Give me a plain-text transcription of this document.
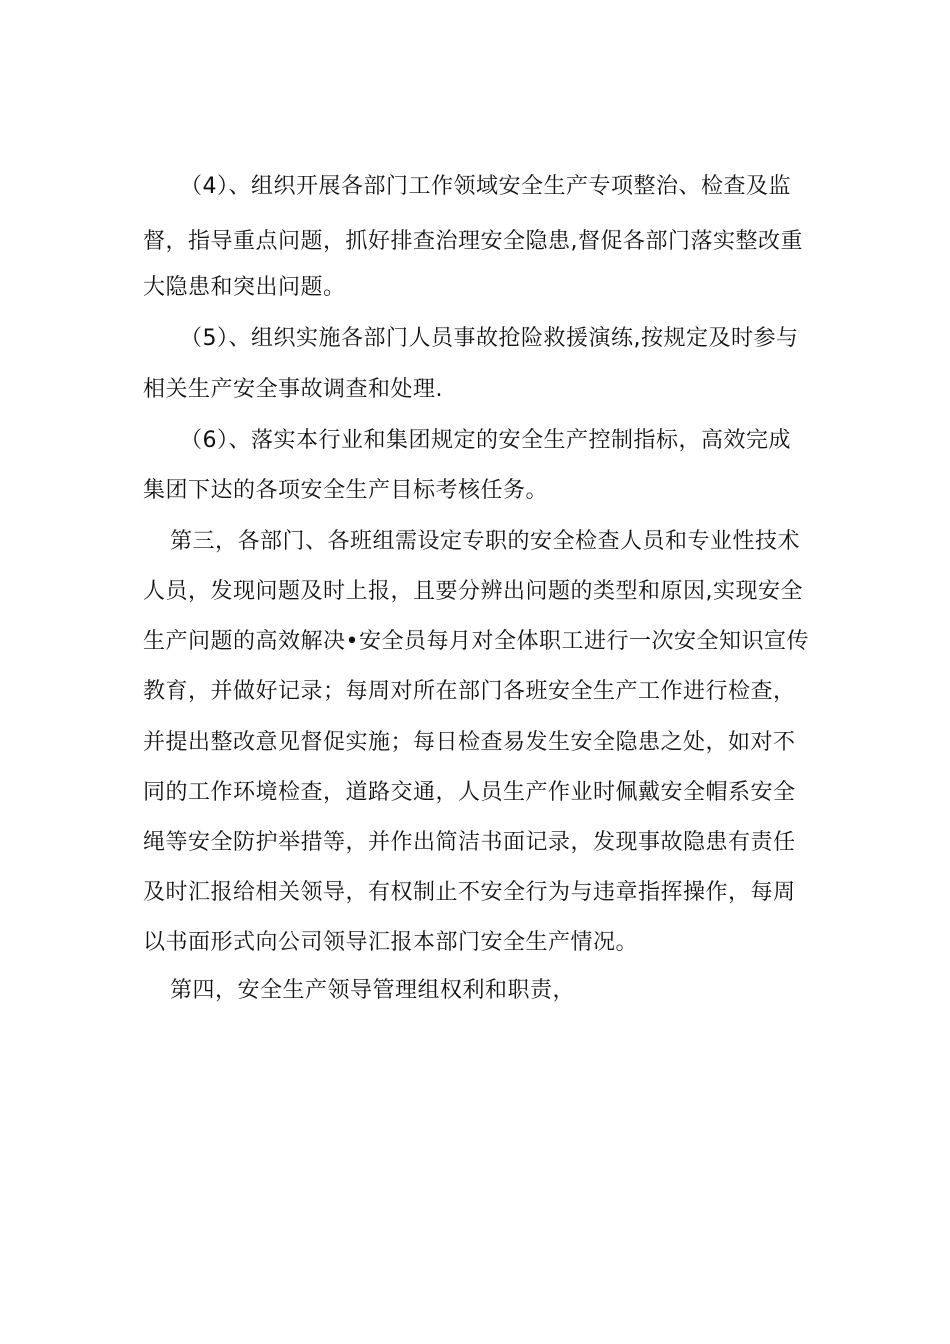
（4）、组织开展各部门工作领域安全生产专项整治、检查及监
督，指导重点问题，抓好排查治理安全隐患,督促各部门落实整改重
大隐患和突出问题。
（5）、组织实施各部门人员事故抢险救援演练,按规定及时参与
相关生产安全事故调查和处理.
（6）、落实本行业和集团规定的安全生产控制指标，高效完成
集团下达的各项安全生产目标考核任务。
第三，各部门、各班组需设定专职的安全检查人员和专业性技术
人员，发现问题及时上报，且要分辨出问题的类型和原因,实现安全
生产问题的高效解决•安全员每月对全体职工进行一次安全知识宣传
教育，并做好记录；每周对所在部门各班安全生产工作进行检查，
并提出整改意见督促实施；每日检查易发生安全隐患之处，如对不
同的工作环境检查，道路交通，人员生产作业时佩戴安全帽系安全
绳等安全防护举措等，并作出简洁书面记录，发现事故隐患有责任
及时汇报给相关领导，有权制止不安全行为与违章指挥操作，每周
以书面形式向公司领导汇报本部门安全生产情况。
第四，安全生产领导管理组权利和职责，
